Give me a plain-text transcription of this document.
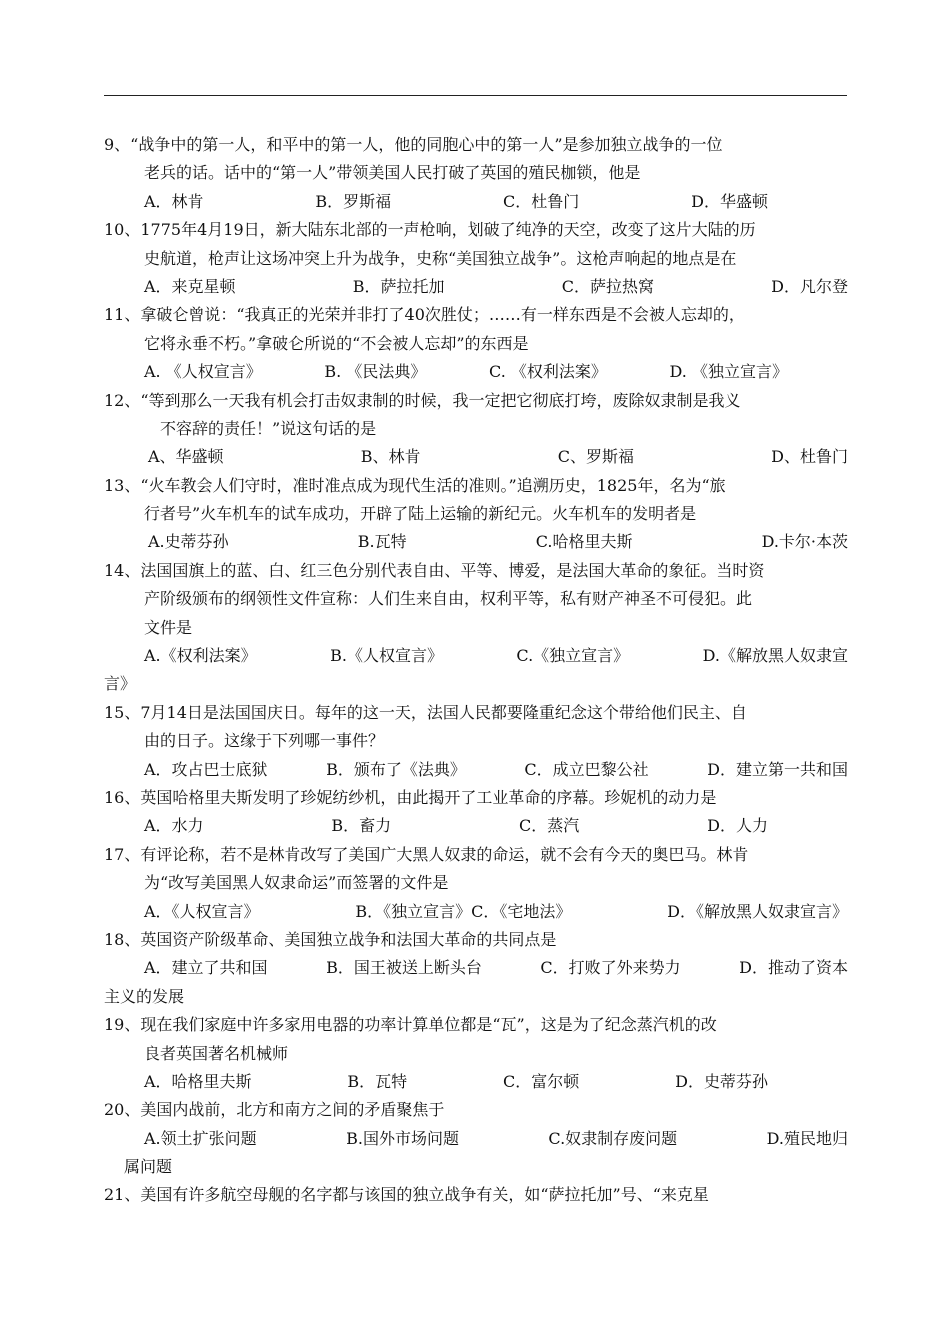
9、“战争中的第一人，和平中的第一人，他的同胞心中的第一人”是参加独立战争的一位
老兵的话。话中的“第一人”带领美国人民打破了英国的殖民枷锁，他是
A．林肯	B．罗斯福	C．杜鲁门	D．华盛顿
10、1775年4月19日，新大陆东北部的一声枪响，划破了纯净的天空，改变了这片大陆的历
史航道，枪声让这场冲突上升为战争，史称“美国独立战争”。这枪声响起的地点是在
A．来克星顿	B．萨拉托加	C．萨拉热窝	D．凡尔登
11、拿破仑曾说：“我真正的光荣并非打了40次胜仗；……有一样东西是不会被人忘却的，
它将永垂不朽。”拿破仑所说的“不会被人忘却”的东西是
A. 《人权宣言》	B. 《民法典》	C. 《权利法案》	D. 《独立宣言》
12、“等到那么一天我有机会打击奴隶制的时候，我一定把它彻底打垮，废除奴隶制是我义
不容辞的责任！”说这句话的是
A、华盛顿	B、林肯	C、罗斯福	D、杜鲁门
13、“火车教会人们守时，准时准点成为现代生活的准则。”追溯历史，1825年，名为“旅
行者号”火车机车的试车成功，开辟了陆上运输的新纪元。火车机车的发明者是
A.史蒂芬孙	B.瓦特	C.哈格里夫斯	D.卡尔·本茨
14、法国国旗上的蓝、白、红三色分别代表自由、平等、博爱，是法国大革命的象征。当时资
产阶级颁布的纲领性文件宣称：人们生来自由，权利平等，私有财产神圣不可侵犯。此
文件是
A.《权利法案》	B.《人权宣言》	C.《独立宣言》	D.《解放黑人奴隶宣
言》
15、7月14日是法国国庆日。每年的这一天，法国人民都要隆重纪念这个带给他们民主、自
由的日子。这缘于下列哪一事件？
A．攻占巴士底狱	B．颁布了《法典》	C．成立巴黎公社	D．建立第一共和国
16、英国哈格里夫斯发明了珍妮纺纱机，由此揭开了工业革命的序幕。珍妮机的动力是
A．水力	B．畜力	C．蒸汽	D．人力
17、有评论称，若不是林肯改写了美国广大黑人奴隶的命运，就不会有今天的奥巴马。林肯
为“改写美国黑人奴隶命运”而签署的文件是
A．《人权宣言》	B．《独立宣言》C．《宅地法》	D．《解放黑人奴隶宣言》
18、英国资产阶级革命、美国独立战争和法国大革命的共同点是
A．建立了共和国	B．国王被送上断头台	C．打败了外来势力	D．推动了资本
主义的发展
19、现在我们家庭中许多家用电器的功率计算单位都是“瓦”，这是为了纪念蒸汽机的改
良者英国著名机械师
A．哈格里夫斯	B．瓦特	C．富尔顿	D．史蒂芬孙
20、美国内战前，北方和南方之间的矛盾聚焦于
A.领土扩张问题	B.国外市场问题	C.奴隶制存废问题	D.殖民地归
属问题
21、美国有许多航空母舰的名字都与该国的独立战争有关，如“萨拉托加”号、“来克星
